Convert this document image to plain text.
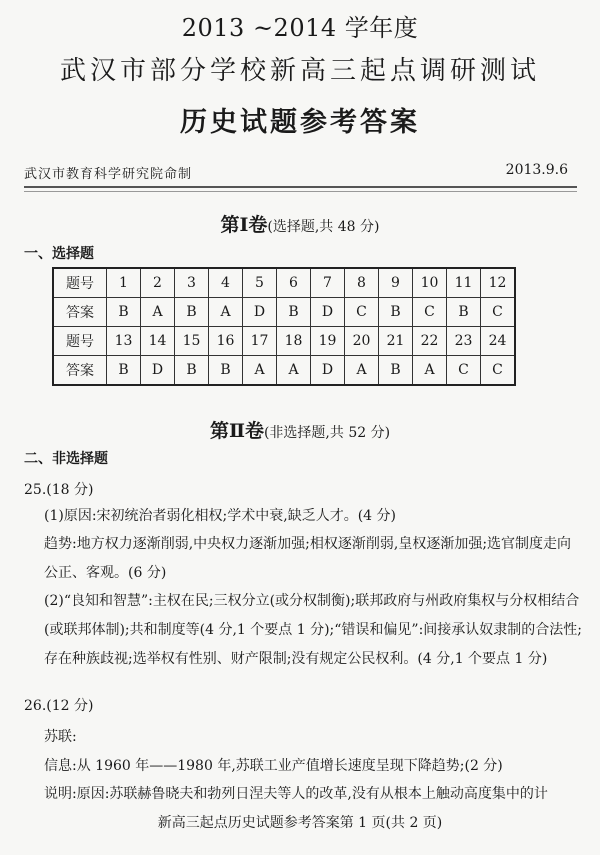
2013 ~2014 学年度
武汉市部分学校新高三起点调研测试
历史试题参考答案
武汉市教育科学研究院命制	2013.9.6
第Ⅰ卷(选择题,共 48 分)
一、选择题
题号	1	2	3	4	5	6	7	8	9	10	11	12
答案	B	A	B	A	D	B	D	C	B	C	B	C
题号	13	14	15	16	17	18	19	20	21	22	23	24
答案	B	D	B	B	A	A	D	A	B	A	C	C
第Ⅱ卷(非选择题,共 52 分)
二、非选择题
25.(18 分)
(1)原因:宋初统治者弱化相权;学术中衰,缺乏人才。(4 分)
趋势:地方权力逐渐削弱,中央权力逐渐加强;相权逐渐削弱,皇权逐渐加强;选官制度走向公正、客观。(6 分)
(2)“良知和智慧”:主权在民;三权分立(或分权制衡);联邦政府与州政府集权与分权相结合(或联邦体制);共和制度等(4 分,1 个要点 1 分);“错误和偏见”:间接承认奴隶制的合法性;存在种族歧视;选举权有性别、财产限制;没有规定公民权利。(4 分,1 个要点 1 分)
26.(12 分)
苏联:
信息:从 1960 年——1980 年,苏联工业产值增长速度呈现下降趋势;(2 分)
说明:原因:苏联赫鲁晓夫和勃列日涅夫等人的改革,没有从根本上触动高度集中的计
新高三起点历史试题参考答案第 1 页(共 2 页)
